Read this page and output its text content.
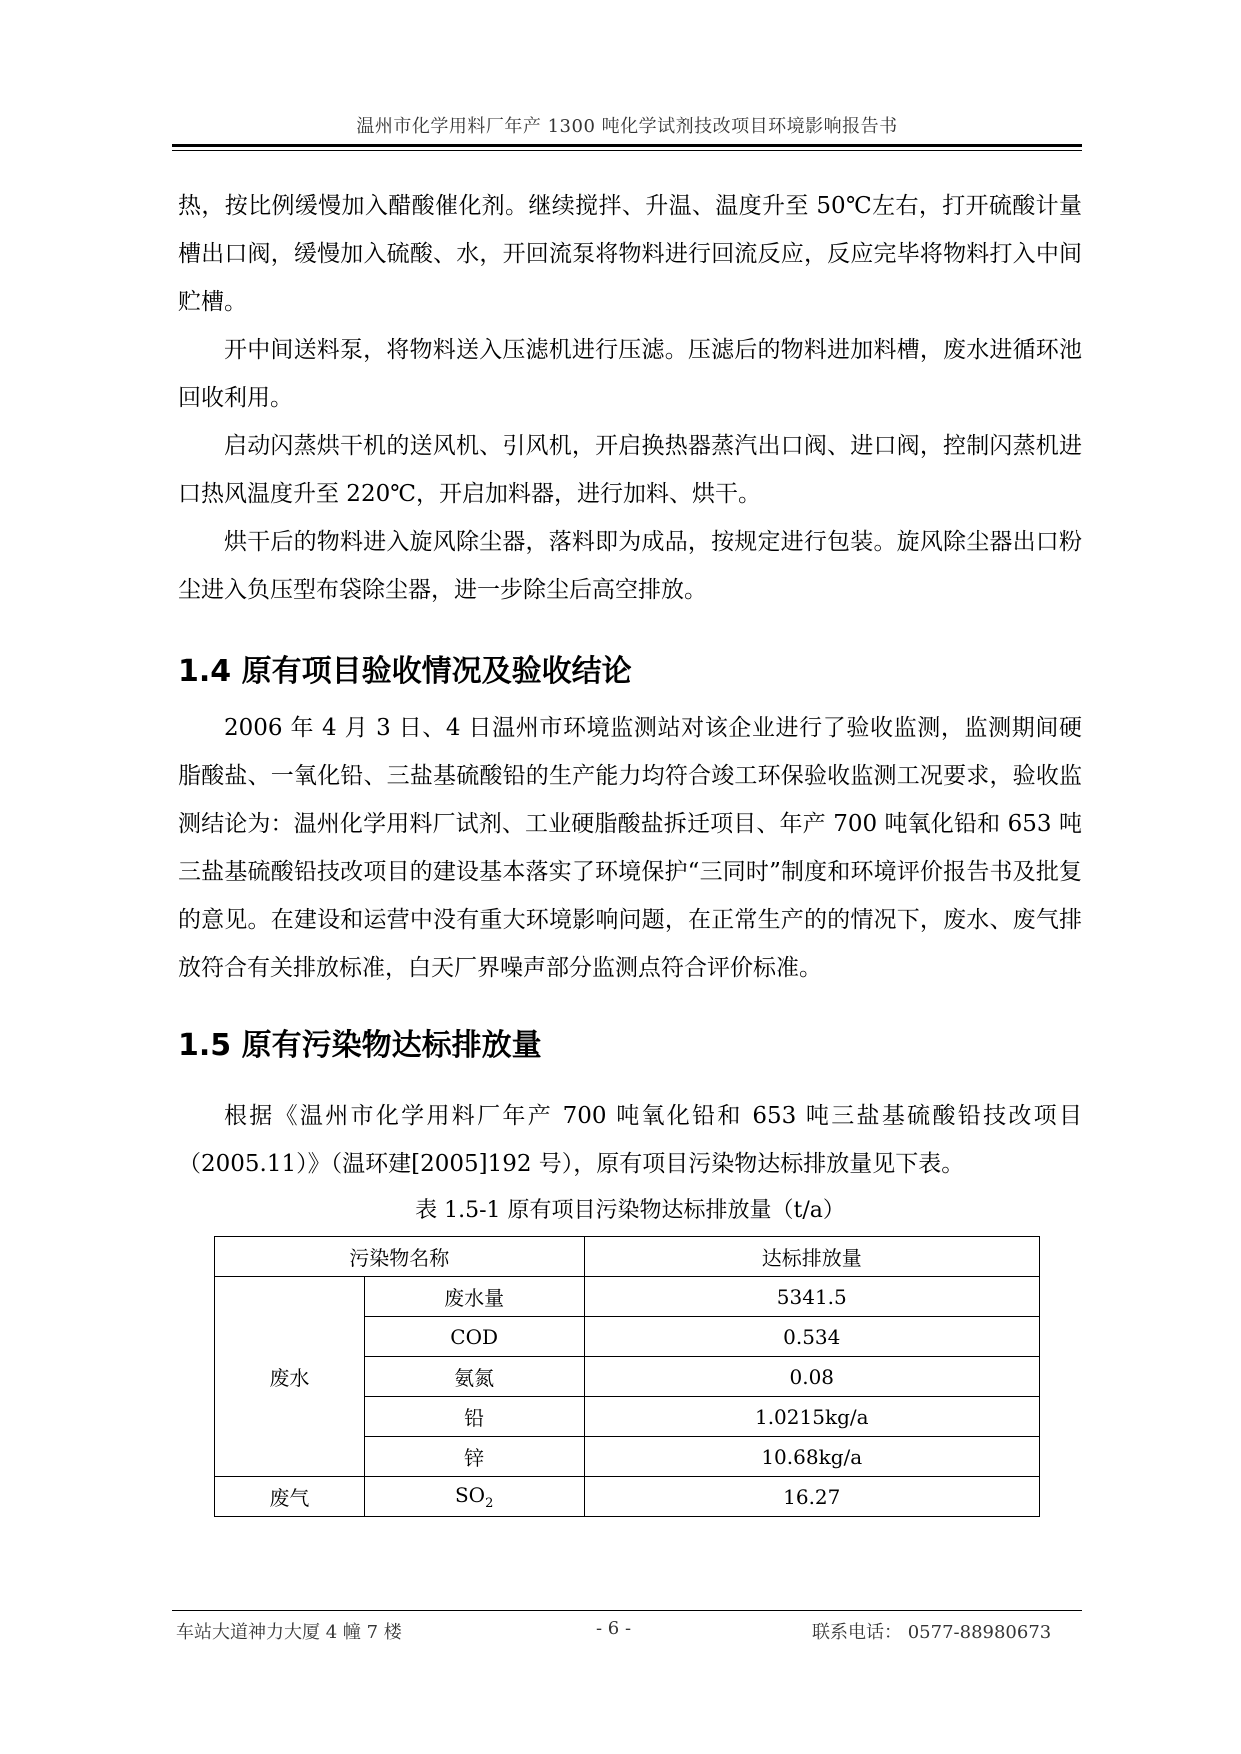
温州市化学用料厂年产 1300 吨化学试剂技改项目环境影响报告书

热，按比例缓慢加入醋酸催化剂。继续搅拌、升温、温度升至 50℃左右，打开硫酸计量槽出口阀，缓慢加入硫酸、水，开回流泵将物料进行回流反应，反应完毕将物料打入中间贮槽。

开中间送料泵，将物料送入压滤机进行压滤。压滤后的物料进加料槽，废水进循环池回收利用。

启动闪蒸烘干机的送风机、引风机，开启换热器蒸汽出口阀、进口阀，控制闪蒸机进口热风温度升至 220℃，开启加料器，进行加料、烘干。

烘干后的物料进入旋风除尘器，落料即为成品，按规定进行包装。旋风除尘器出口粉尘进入负压型布袋除尘器，进一步除尘后高空排放。

1.4 原有项目验收情况及验收结论

2006 年 4 月 3 日、4 日温州市环境监测站对该企业进行了验收监测，监测期间硬脂酸盐、一氧化铅、三盐基硫酸铅的生产能力均符合竣工环保验收监测工况要求，验收监测结论为：温州化学用料厂试剂、工业硬脂酸盐拆迁项目、年产 700 吨氧化铅和 653 吨三盐基硫酸铅技改项目的建设基本落实了环境保护“三同时”制度和环境评价报告书及批复的意见。在建设和运营中没有重大环境影响问题，在正常生产的的情况下，废水、废气排放符合有关排放标准，白天厂界噪声部分监测点符合评价标准。

1.5 原有污染物达标排放量

根据《温州市化学用料厂年产 700 吨氧化铅和 653 吨三盐基硫酸铅技改项目（2005.11）》（温环建[2005]192 号），原有项目污染物达标排放量见下表。

表 1.5-1 原有项目污染物达标排放量（t/a）
污染物名称		达标排放量
废水	废水量	5341.5
	COD	0.534
	氨氮	0.08
	铅	1.0215kg/a
	锌	10.68kg/a
废气	$SO_2$	16.27
车站大道神力大厦 4 幢 7 楼	- 6 -	联系电话： 0577-88980673
